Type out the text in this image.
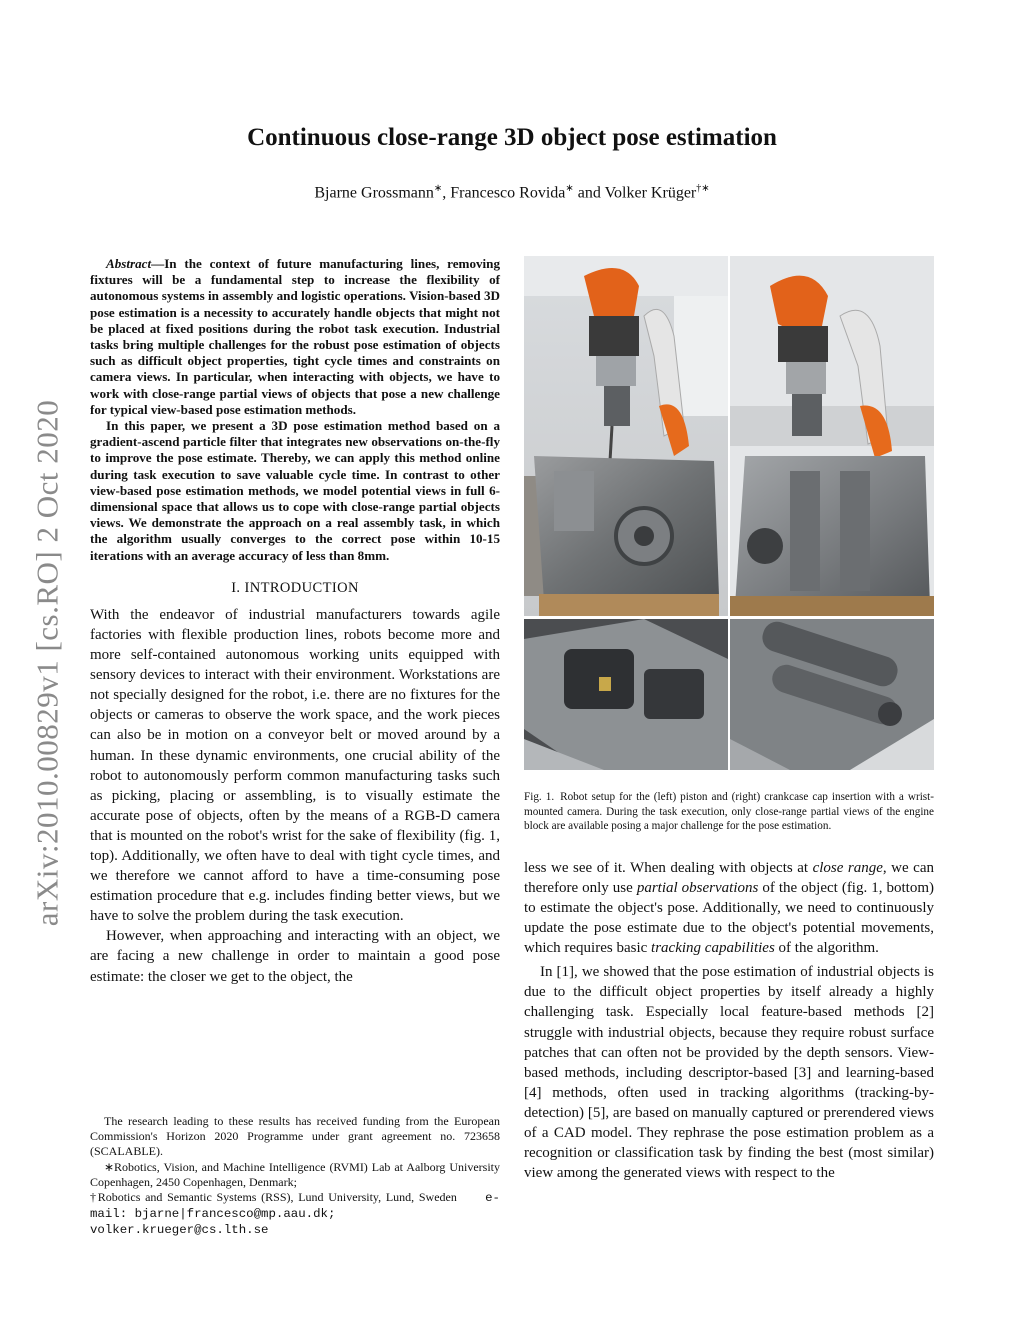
arXiv:2010.00829v1 [cs.RO] 2 Oct 2020
Continuous close-range 3D object pose estimation
Bjarne Grossmann∗, Francesco Rovida∗ and Volker Krüger†∗

Abstract—In the context of future manufacturing lines, removing fixtures will be a fundamental step to increase the flexibility of autonomous systems in assembly and logistic operations. Vision-based 3D pose estimation is a necessity to accurately handle objects that might not be placed at fixed positions during the robot task execution. Industrial tasks bring multiple challenges for the robust pose estimation of objects such as difficult object properties, tight cycle times and constraints on camera views. In particular, when interacting with objects, we have to work with close-range partial views of objects that pose a new challenge for typical view-based pose estimation methods.

In this paper, we present a 3D pose estimation method based on a gradient-ascend particle filter that integrates new observations on-the-fly to improve the pose estimate. Thereby, we can apply this method online during task execution to save valuable cycle time. In contrast to other view-based pose estimation methods, we model potential views in full 6-dimensional space that allows us to cope with close-range partial objects views. We demonstrate the approach on a real assembly task, in which the algorithm usually converges to the correct pose within 10-15 iterations with an average accuracy of less than 8mm.

I. INTRODUCTION

With the endeavor of industrial manufacturers towards agile factories with flexible production lines, robots become more and more self-contained autonomous working units equipped with sensory devices to interact with their environment. Workstations are not specially designed for the robot, i.e. there are no fixtures for the objects or cameras to observe the work space, and the work pieces can also be in motion on a conveyor belt or moved around by a human. In these dynamic environments, one crucial ability of the robot to autonomously perform common manufacturing tasks such as picking, placing or assembling, is to visually estimate the accurate pose of objects, often by the means of a RGB-D camera that is mounted on the robot's wrist for the sake of flexibility (fig. 1, top). Additionally, we often have to deal with tight cycle times, and we therefore we cannot afford to have a time-consuming pose estimation procedure that e.g. includes finding better views, but we have to solve the problem during the task execution.

However, when approaching and interacting with an object, we are facing a new challenge in order to maintain a good pose estimate: the closer we get to the object, the

The research leading to these results has received funding from the European Commission's Horizon 2020 Programme under grant agreement no. 723658 (SCALABLE).

∗Robotics, Vision, and Machine Intelligence (RVMI) Lab at Aalborg University Copenhagen, 2450 Copenhagen, Denmark;

†Robotics and Semantic Systems (RSS), Lund University, Lund, Sweden e-mail: bjarne|francesco@mp.aau.dk;

volker.krueger@cs.lth.se

Fig. 1. Robot setup for the (left) piston and (right) crankcase cap insertion with a wrist-mounted camera. During the task execution, only close-range partial views of the engine block are available posing a major challenge for the pose estimation.

less we see of it. When dealing with objects at close range, we can therefore only use partial observations of the object (fig. 1, bottom) to estimate the object's pose. Additionally, we need to continuously update the pose estimate due to the object's potential movements, which requires basic tracking capabilities of the algorithm.

In [1], we showed that the pose estimation of industrial objects is due to the difficult object properties by itself already a highly challenging task. Especially local feature-based methods [2] struggle with industrial objects, because they require robust surface patches that can often not be provided by the depth sensors. View-based methods, including descriptor-based [3] and learning-based [4] methods, often used in tracking algorithms (tracking-by-detection) [5], are based on manually captured or prerendered views of a CAD model. They rephrase the pose estimation problem as a recognition or classification task by finding the best (most similar) view among the generated views with respect to the
